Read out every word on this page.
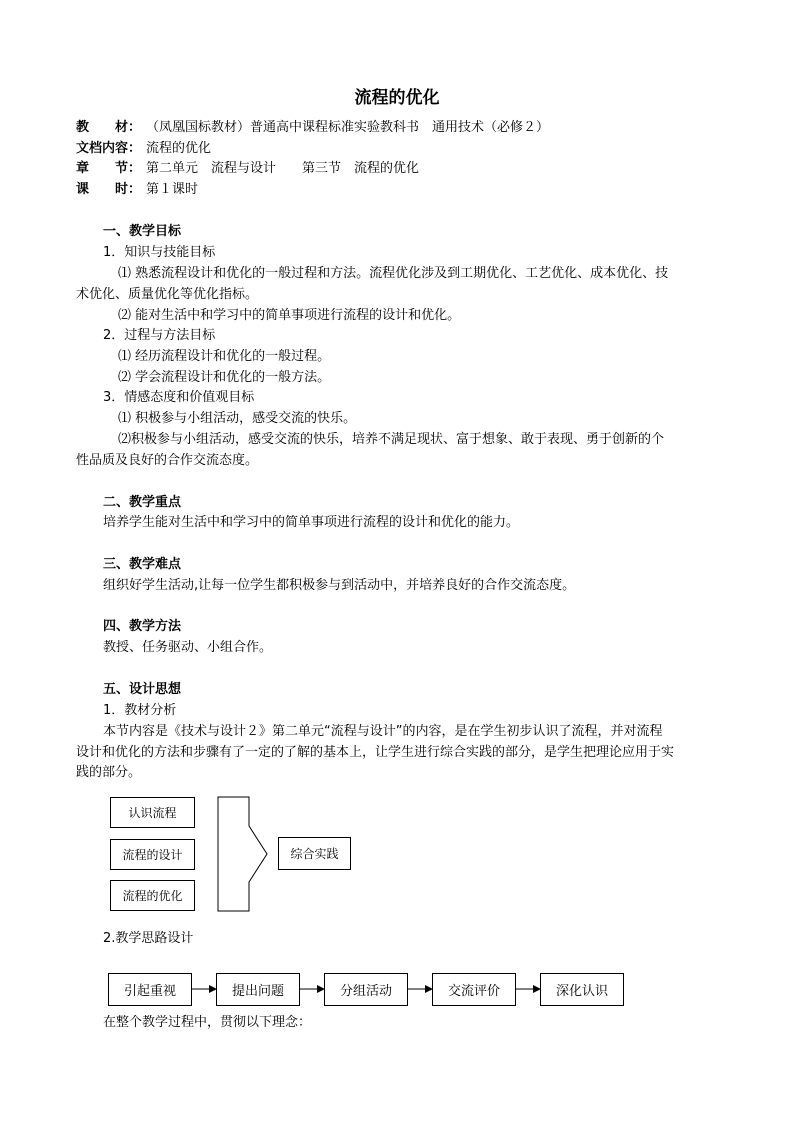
流程的优化
教　　材： （凤凰国标教材）普通高中课程标准实验教科书　通用技术（必修２）
文档内容： 流程的优化
章　　节： 第二单元　流程与设计　　第三节　流程的优化
课　　时： 第１课时
一、教学目标
1．知识与技能目标
⑴ 熟悉流程设计和优化的一般过程和方法。流程优化涉及到工期优化、工艺优化、成本优化、技
术优化、质量优化等优化指标。
⑵ 能对生活中和学习中的简单事项进行流程的设计和优化。
2．过程与方法目标
⑴ 经历流程设计和优化的一般过程。
⑵ 学会流程设计和优化的一般方法。
3．情感态度和价值观目标
⑴ 积极参与小组活动，感受交流的快乐。
⑵积极参与小组活动，感受交流的快乐，培养不满足现状、富于想象、敢于表现、勇于创新的个
性品质及良好的合作交流态度。
二、教学重点
培养学生能对生活中和学习中的简单事项进行流程的设计和优化的能力。
三、教学难点
组织好学生活动,让每一位学生都积极参与到活动中，并培养良好的合作交流态度。
四、教学方法
教授、任务驱动、小组合作。
五、设计思想
1．教材分析
本节内容是《技术与设计２》第二单元“流程与设计”的内容，是在学生初步认识了流程，并对流程
设计和优化的方法和步骤有了一定的了解的基本上，让学生进行综合实践的部分，是学生把理论应用于实
践的部分。
认识流程
流程的设计
流程的优化
综合实践
2.教学思路设计
引起重视	提出问题	分组活动	交流评价	深化认识
在整个教学过程中，贯彻以下理念：
